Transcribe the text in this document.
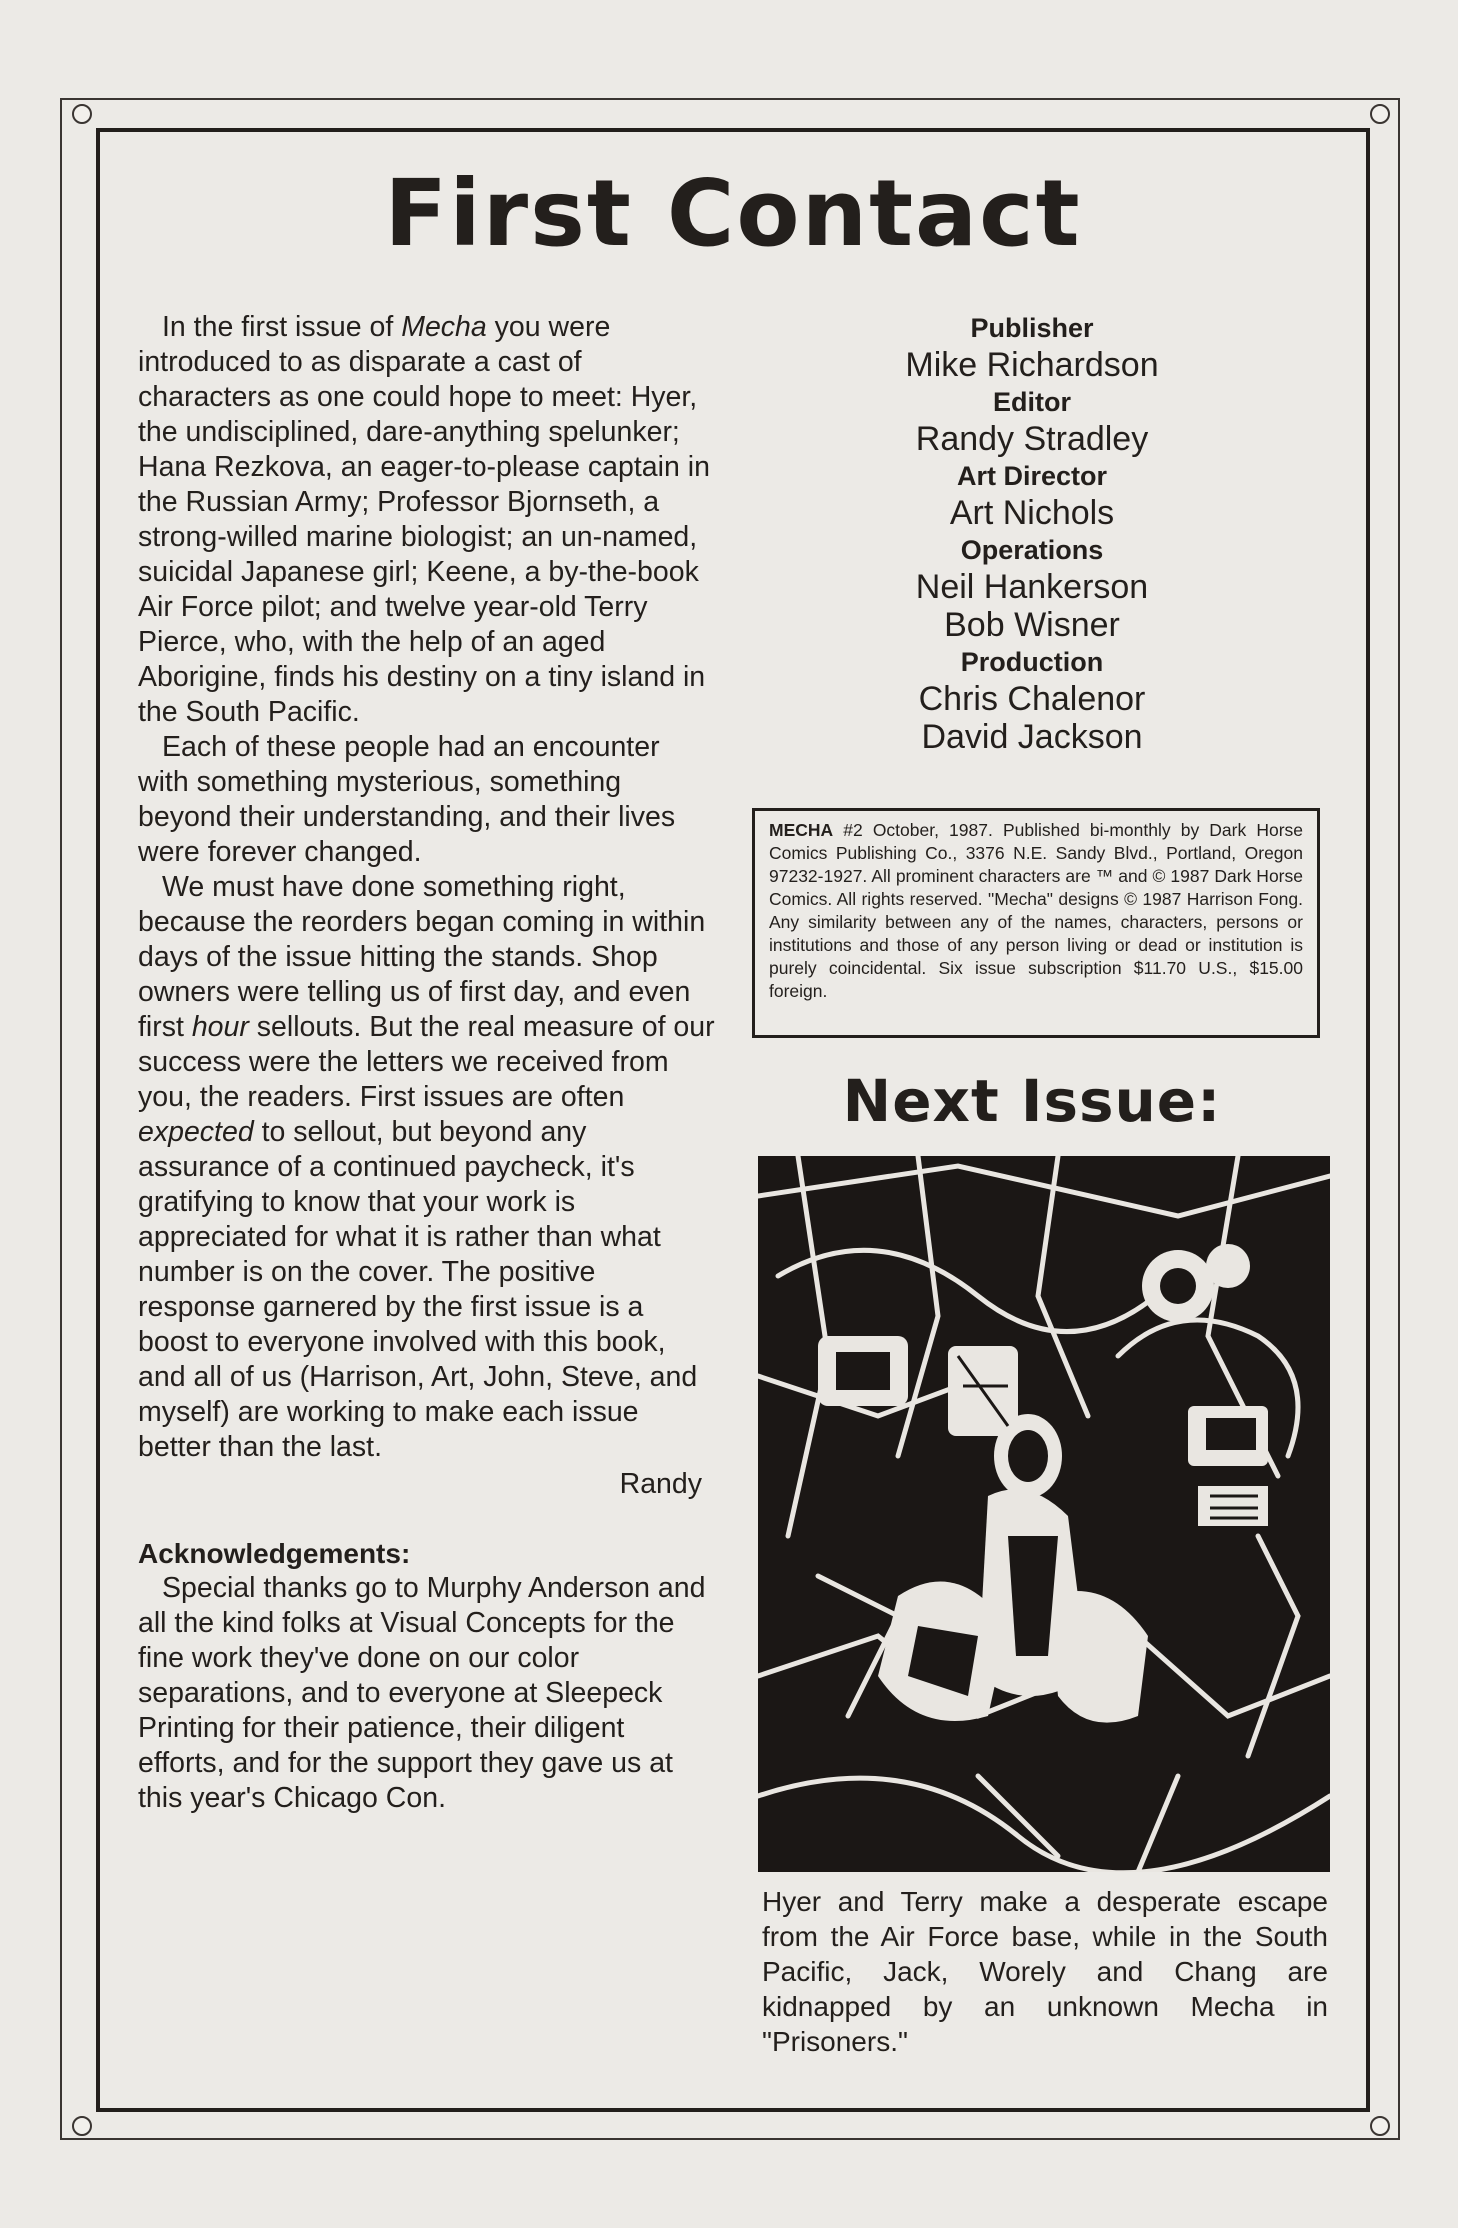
First Contact

In the first issue of Mecha you were introduced to as disparate a cast of characters as one could hope to meet: Hyer, the undisciplined, dare-anything spelunker; Hana Rezkova, an eager-to-please captain in the Russian Army; Professor Bjornseth, a strong-willed marine biologist; an un-named, suicidal Japanese girl; Keene, a by-the-book Air Force pilot; and twelve year-old Terry Pierce, who, with the help of an aged Aborigine, finds his destiny on a tiny island in the South Pacific.

Each of these people had an encounter with something mysterious, something beyond their understanding, and their lives were forever changed.

We must have done something right, because the reorders began coming in within days of the issue hitting the stands. Shop owners were telling us of first day, and even first hour sellouts. But the real measure of our success were the letters we received from you, the readers. First issues are often expected to sellout, but beyond any assurance of a continued paycheck, it's gratifying to know that your work is appreciated for what it is rather than what number is on the cover. The positive response garnered by the first issue is a boost to everyone involved with this book, and all of us (Harrison, Art, John, Steve, and myself) are working to make each issue better than the last.

Randy
Acknowledgements:

Special thanks go to Murphy Anderson and all the kind folks at Visual Concepts for the fine work they've done on our color separations, and to everyone at Sleepeck Printing for their patience, their diligent efforts, and for the support they gave us at this year's Chicago Con.

Publisher
Mike Richardson
Editor
Randy Stradley
Art Director
Art Nichols
Operations
Neil Hankerson
Bob Wisner
Production
Chris Chalenor
David Jackson
MECHA #2 October, 1987. Published bi-monthly by Dark Horse Comics Publishing Co., 3376 N.E. Sandy Blvd., Portland, Oregon 97232-1927. All prominent characters are ™ and © 1987 Dark Horse Comics. All rights reserved. "Mecha" designs © 1987 Harrison Fong. Any similarity between any of the names, characters, persons or institutions and those of any person living or dead or institution is purely coincidental. Six issue subscription $11.70 U.S., $15.00 foreign.
Next Issue:
Hyer and Terry make a desperate escape from the Air Force base, while in the South Pacific, Jack, Worely and Chang are kidnapped by an unknown Mecha in "Prisoners."
